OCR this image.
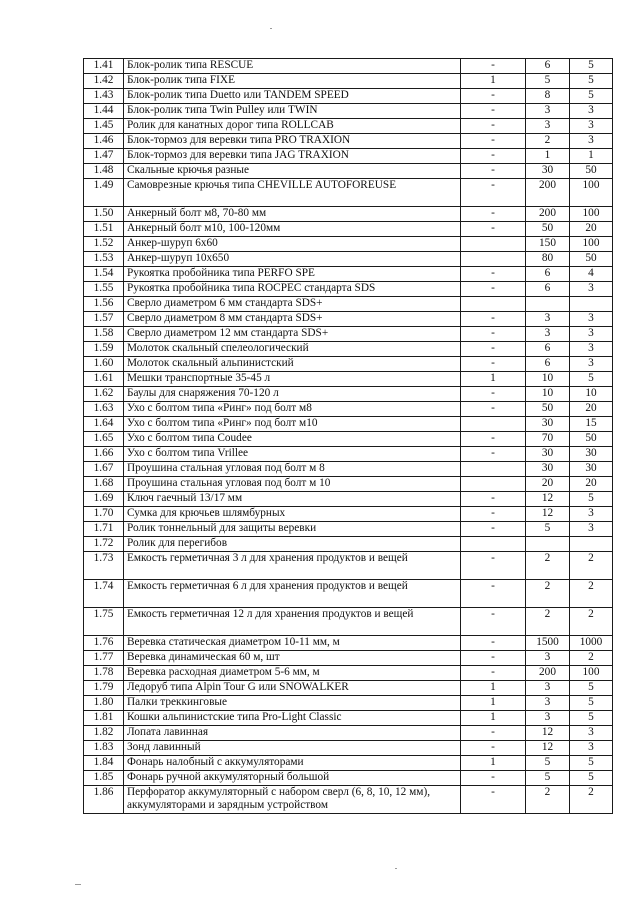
1.41	Блок-ролик типа RESCUE	-	6	5
1.42	Блок-ролик типа FIXE	1	5	5
1.43	Блок-ролик типа Duetto или TANDEM SPEED	-	8	5
1.44	Блок-ролик типа Twin Pulley или TWIN	-	3	3
1.45	Ролик для канатных дорог типа ROLLCAB	-	3	3
1.46	Блок-тормоз для веревки типа PRO TRAXION	-	2	3
1.47	Блок-тормоз для веревки типа JAG TRAXION	-	1	1
1.48	Скальные крючья разные	-	30	50
1.49	Самоврезные крючья типа CHEVILLE AUTOFOREUSE	-	200	100
1.50	Анкерный болт м8, 70-80 мм	-	200	100
1.51	Анкерный болт м10, 100-120мм	-	50	20
1.52	Анкер-шуруп 6х60		150	100
1.53	Анкер-шуруп 10х650		80	50
1.54	Рукоятка пробойника типа PERFO SPE	-	6	4
1.55	Рукоятка пробойника типа ROCPEC стандарта SDS	-	6	3
1.56	Сверло диаметром 6 мм стандарта SDS+			
1.57	Сверло диаметром 8 мм стандарта SDS+	-	3	3
1.58	Сверло диаметром 12 мм стандарта SDS+	-	3	3
1.59	Молоток скальный спелеологический	-	6	3
1.60	Молоток скальный альпинистский	-	6	3
1.61	Мешки транспортные 35-45 л	1	10	5
1.62	Баулы для снаряжения 70-120 л	-	10	10
1.63	Ухо с болтом типа «Ринг» под болт м8	-	50	20
1.64	Ухо с болтом типа «Ринг» под болт м10		30	15
1.65	Ухо с болтом типа Coudee	-	70	50
1.66	Ухо с болтом типа Vrillee	-	30	30
1.67	Проушина стальная угловая под болт м 8		30	30
1.68	Проушина стальная угловая под болт м 10		20	20
1.69	Ключ гаечный 13/17 мм	-	12	5
1.70	Сумка для крючьев шлямбурных	-	12	3
1.71	Ролик тоннельный для защиты веревки	-	5	3
1.72	Ролик для перегибов			
1.73	Емкость герметичная 3 л для хранения продуктов и вещей	-	2	2
1.74	Емкость герметичная 6 л для хранения продуктов и вещей	-	2	2
1.75	Емкость герметичная 12 л для хранения продуктов и вещей	-	2	2
1.76	Веревка статическая диаметром 10-11 мм, м	-	1500	1000
1.77	Веревка динамическая 60 м, шт	-	3	2
1.78	Веревка расходная диаметром 5-6 мм, м	-	200	100
1.79	Ледоруб типа Alpin Tour G или SNOWALKER	1	3	5
1.80	Палки треккинговые	1	3	5
1.81	Кошки альпинистские типа Pro-Light Classic	1	3	5
1.82	Лопата лавинная	-	12	3
1.83	Зонд лавинный	-	12	3
1.84	Фонарь налобный с аккумуляторами	1	5	5
1.85	Фонарь ручной аккумуляторный большой	-	5	5
1.86	Перфоратор аккумуляторный с набором сверл (6, 8, 10, 12 мм), аккумуляторами и зарядным устройством	-	2	2
